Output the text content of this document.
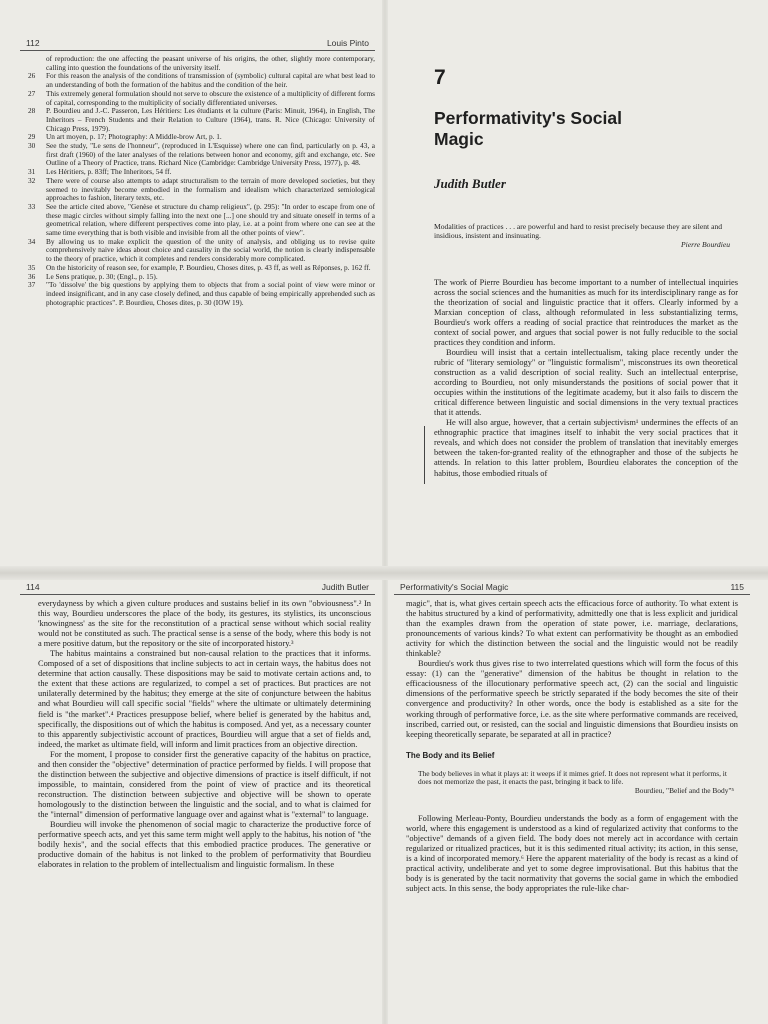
112	Louis Pinto
of reproduction: the one affecting the peasant universe of his origins, the other, slightly more contemporary, calling into question the foundations of the university itself.
26	For this reason the analysis of the conditions of transmission of (symbolic) cultural capital are what best lead to an understanding of both the formation of the habitus and the condition of the heir.
27	This extremely general formulation should not serve to obscure the existence of a multiplicity of different forms of capital, corresponding to the multiplicity of socially differentiated universes.
28	P. Bourdieu and J.-C. Passeron, Les Héritiers: Les étudiants et la culture (Paris: Minuit, 1964), in English, The Inheritors – French Students and their Relation to Culture (1964), trans. R. Nice (Chicago: University of Chicago Press, 1979).
29	Un art moyen, p. 17; Photography: A Middle-brow Art, p. 1.
30	See the study, "Le sens de l'honneur", (reproduced in L'Esquisse) where one can find, particularly on p. 43, a first draft (1960) of the later analyses of the relations between honor and economy, gift and exchange, etc. See Outline of a Theory of Practice, trans. Richard Nice (Cambridge: Cambridge University Press, 1977), p. 48.
31	Les Héritiers, p. 83ff; The Inheritors, 54 ff.
32	There were of course also attempts to adapt structuralism to the terrain of more developed societies, but they seemed to inevitably become embodied in the formalism and idealism which characterized semiological approaches to fashion, literary texts, etc.
33	See the article cited above, "Genèse et structure du champ religieux", (p. 295): "In order to escape from one of these magic circles without simply falling into the next one [...] one should try and situate oneself in terms of a geometrical relation, where different perspectives come into play, i.e. at a point from where one can see at the same time everything that is both visible and invisible from all the other points of view".
34	By allowing us to make explicit the question of the unity of analysis, and obliging us to revise quite comprehensively naive ideas about choice and causality in the social world, the notion is clearly indispensable to the theory of practice, which it completes and renders considerably more complicated.
35	On the historicity of reason see, for example, P. Bourdieu, Choses dites, p. 43 ff, as well as Réponses, p. 162 ff.
36	Le Sens pratique, p. 30; (Engl., p. 15).
37	"To 'dissolve' the big questions by applying them to objects that from a social point of view were minor or indeed insignificant, and in any case closely defined, and thus capable of being empirically apprehended such as photographic practices". P. Bourdieu, Choses dites, p. 30 (IOW 19).
7
Performativity's Social
Magic
Judith Butler
Modalities of practices . . . are powerful and hard to resist precisely because they are silent and insidious, insistent and insinuating.
Pierre Bourdieu

The work of Pierre Bourdieu has become important to a number of intellectual inquiries across the social sciences and the humanities as much for its interdisciplinary range as for the theorization of social and linguistic practice that it offers. Clearly informed by a Marxian conception of class, although reformulated in less substantializing terms, Bourdieu's work offers a reading of social practice that reintroduces the market as the context of social power, and argues that social power is not fully reducible to the social practices they condition and inform.

Bourdieu will insist that a certain intellectualism, taking place recently under the rubric of "literary semiology" or "linguistic formalism", misconstrues its own theoretical construction as a valid description of social reality. Such an intellectual enterprise, according to Bourdieu, not only misunderstands the positions of social power that it occupies within the institutions of the legitimate academy, but it also fails to discern the critical difference between linguistic and social dimensions in the very textual practices that it attends.

He will also argue, however, that a certain subjectivism¹ undermines the effects of an ethnographic practice that imagines itself to inhabit the very social practices that it reveals, and which does not consider the problem of translation that inevitably emerges between the taken-for-granted reality of the ethnographer and those of the subjects he attends. In relation to this latter problem, Bourdieu elaborates the conception of the habitus, those embodied rituals of

114	Judith Butler

everydayness by which a given culture produces and sustains belief in its own "obviousness".² In this way, Bourdieu underscores the place of the body, its gestures, its stylistics, its unconscious 'knowingness' as the site for the reconstitution of a practical sense without which social reality would not be constituted as such. The practical sense is a sense of the body, where this body is not a mere positive datum, but the repository or the site of incorporated history.³

The habitus maintains a constrained but non-causal relation to the practices that it informs. Composed of a set of dispositions that incline subjects to act in certain ways, the habitus does not determine that action causally. These dispositions may be said to motivate certain actions and, to the extent that these actions are regularized, to compel a set of practices. But practices are not unilaterally determined by the habitus; they emerge at the site of conjuncture between the habitus and what Bourdieu will call specific social "fields" where the ultimate or ultimately determining field is "the market".⁴ Practices presuppose belief, where belief is generated by the habitus and, specifically, the dispositions out of which the habitus is composed. And yet, as a necessary counter to this apparently subjectivistic account of practices, Bourdieu will argue that a set of fields and, indeed, the market as ultimate field, will inform and limit practices from an objective direction.

For the moment, I propose to consider first the generative capacity of the habitus on practice, and then consider the "objective" determination of practice performed by fields. I will propose that the distinction between the subjective and objective dimensions of practice is itself difficult, if not impossible, to maintain, considered from the point of view of practice and its theoretical reconstruction. The distinction between subjective and objective will be shown to operate homologously to the distinction between the linguistic and the social, and to what is claimed for the "internal" dimension of performative language over and against what is "external" to language.

Bourdieu will invoke the phenomenon of social magic to characterize the productive force of performative speech acts, and yet this same term might well apply to the habitus, his notion of "the bodily hexis", and the social effects that this embodied practice produces. The generative or productive domain of the habitus is not linked to the problem of performativity that Bourdieu elaborates in relation to the problem of intellectualism and linguistic formalism. In these

Performativity's Social Magic	115

magic", that is, what gives certain speech acts the efficacious force of authority. To what extent is the habitus structured by a kind of performativity, admittedly one that is less explicit and juridical than the examples drawn from the operation of state power, i.e. marriage, declarations, pronouncements of various kinds? To what extent can performativity be thought as an embodied activity for which the distinction between the social and the linguistic would not be readily thinkable?

Bourdieu's work thus gives rise to two interrelated questions which will form the focus of this essay: (1) can the "generative" dimension of the habitus be thought in relation to the efficaciousness of the illocutionary performative speech act, (2) can the social and linguistic dimensions of the performative speech be strictly separated if the body becomes the site of their convergence and productivity? In other words, once the body is established as a site for the working through of performative force, i.e. as the site where performative commands are received, inscribed, carried out, or resisted, can the social and linguistic dimensions that Bourdieu insists on keeping theoretically separate, be separated at all in practice?

The Body and its Belief
The body believes in what it plays at: it weeps if it mimes grief. It does not represent what it performs, it does not memorize the past, it enacts the past, bringing it back to life.
Bourdieu, "Belief and the Body"⁵

Following Merleau-Ponty, Bourdieu understands the body as a form of engagement with the world, where this engagement is understood as a kind of regularized activity that conforms to the "objective" demands of a given field. The body does not merely act in accordance with certain regularized or ritualized practices, but it is this sedimented ritual activity; its action, in this sense, is a kind of incorporated memory.⁶ Here the apparent materiality of the body is recast as a kind of practical activity, undeliberate and yet to some degree improvisational. But this habitus that the body is is generated by the tacit normativity that governs the social game in which the embodied subject acts. In this sense, the body appropriates the rule-like char-
